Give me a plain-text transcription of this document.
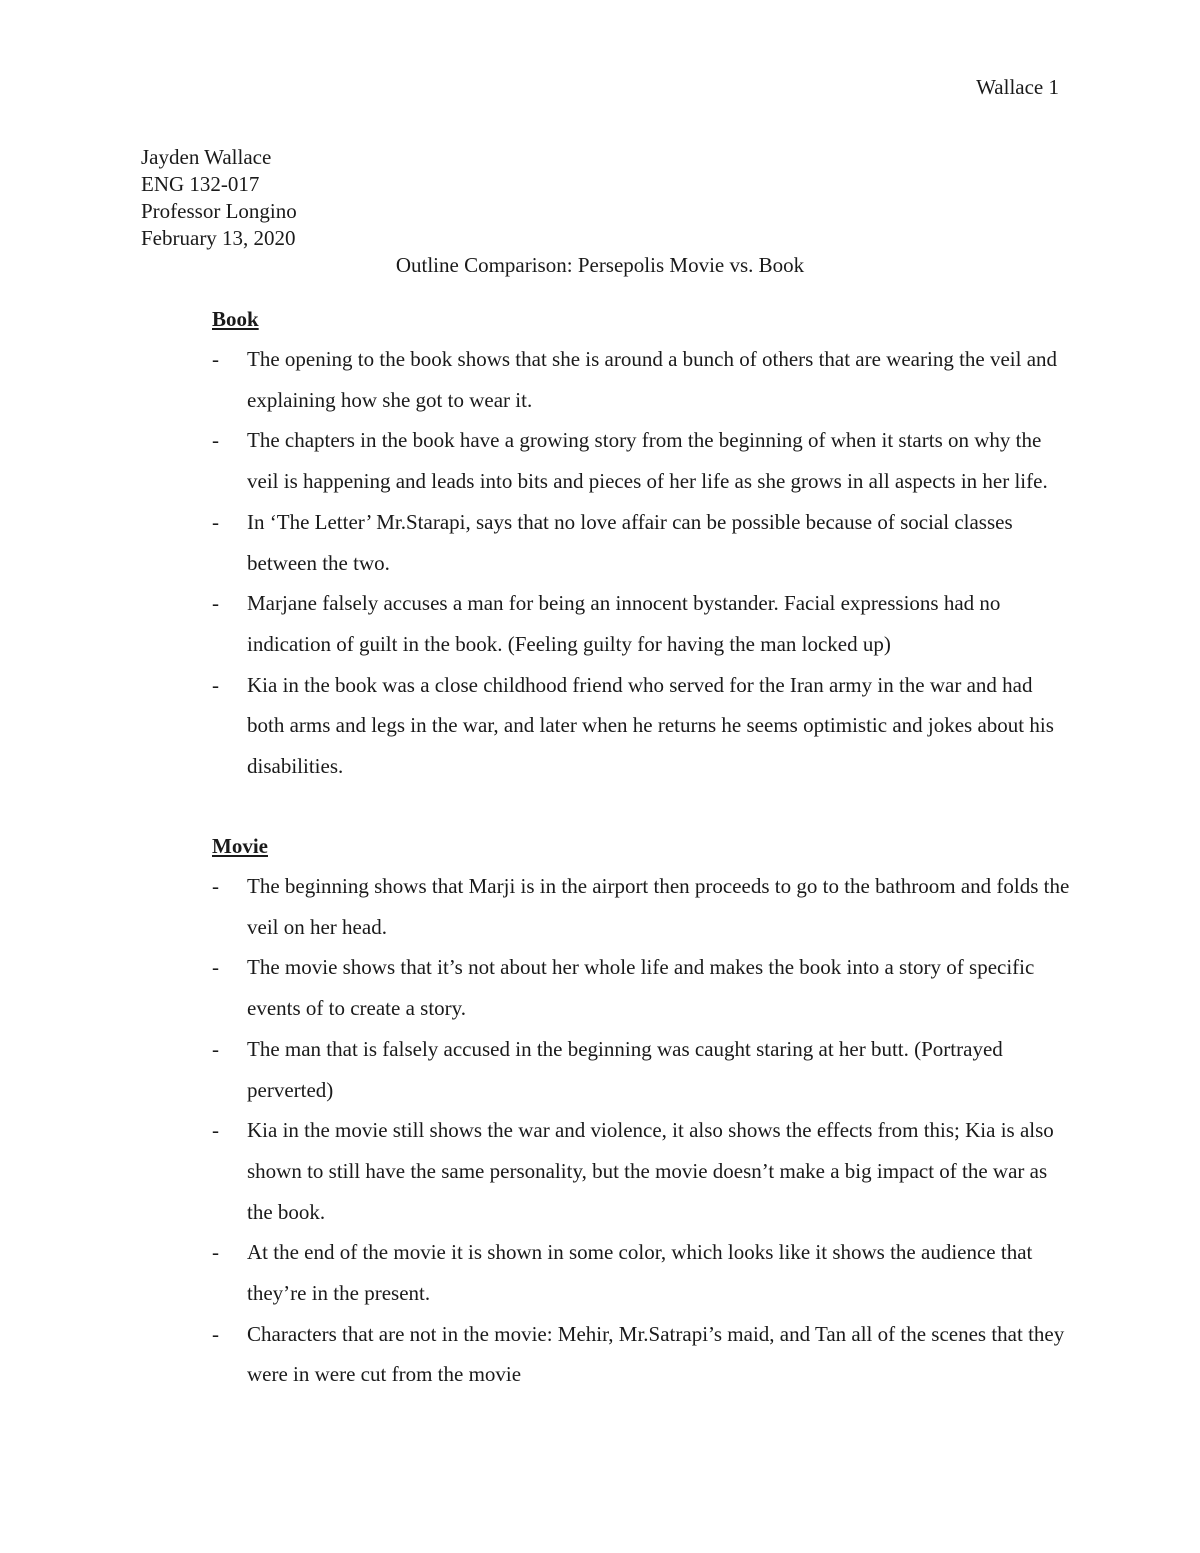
Wallace 1
Jayden Wallace
ENG 132-017
Professor Longino
February 13, 2020
Outline Comparison: Persepolis Movie vs. Book
Book
-	The opening to the book shows that she is around a bunch of others that are wearing the veil and explaining how she got to wear it.
-	The chapters in the book have a growing story from the beginning of when it starts on why the veil is happening and leads into bits and pieces of her life as she grows in all aspects in her life.
-	In ‘The Letter’ Mr.Starapi, says that no love affair can be possible because of social classes between the two.
-	Marjane falsely accuses a man for being an innocent bystander. Facial expressions had no indication of guilt in the book. (Feeling guilty for having the man locked up)
-	Kia in the book was a close childhood friend who served for the Iran army in the war and had both arms and legs in the war, and later when he returns he seems optimistic and jokes about his disabilities.
Movie
-	The beginning shows that Marji is in the airport then proceeds to go to the bathroom and folds the veil on her head.
-	The movie shows that it’s not about her whole life and makes the book into a story of specific events of to create a story.
-	The man that is falsely accused in the beginning was caught staring at her butt. (Portrayed perverted)
-	Kia in the movie still shows the war and violence, it also shows the effects from this; Kia is also shown to still have the same personality, but the movie doesn’t make a big impact of the war as the book.
-	At the end of the movie it is shown in some color, which looks like it shows the audience that they’re in the present.
-	Characters that are not in the movie: Mehir, Mr.Satrapi’s maid, and Tan all of the scenes that they were in were cut from the movie
